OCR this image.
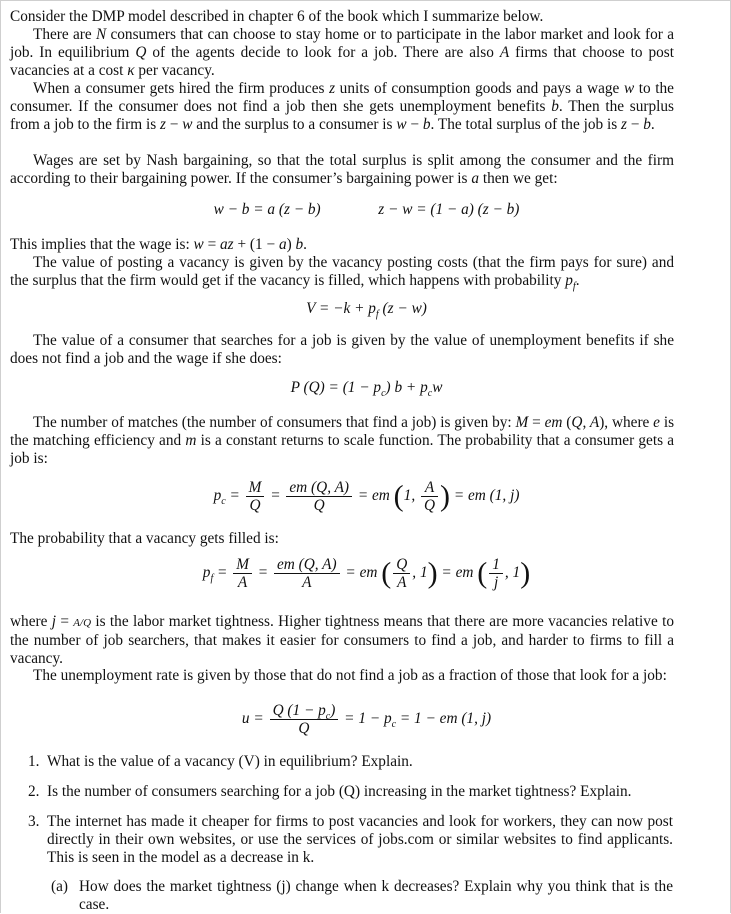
Consider the DMP model described in chapter 6 of the book which I summarize below.
There are N consumers that can choose to stay home or to participate in the labor market and look for a job. In equilibrium Q of the agents decide to look for a job. There are also A firms that choose to post vacancies at a cost κ per vacancy.
When a consumer gets hired the firm produces z units of consumption goods and pays a wage w to the consumer. If the consumer does not find a job then she gets unemployment benefits b. Then the surplus from a job to the firm is z − w and the surplus to a consumer is w − b. The total surplus of the job is z − b.
Wages are set by Nash bargaining, so that the total surplus is split among the consumer and the firm according to their bargaining power. If the consumer’s bargaining power is a then we get:
w − b = a (z − b)	z − w = (1 − a) (z − b)
This implies that the wage is: w = az + (1 − a) b.
The value of posting a vacancy is given by the vacancy posting costs (that the firm pays for sure) and the surplus that the firm would get if the vacancy is filled, which happens with probability $p_f$.
$V = -k + p_f$ (z − w)
The value of a consumer that searches for a job is given by the value of unemployment benefits if she does not find a job and the wage if she does:
P $(Q) = (1 - p_c)$ $b + p_cw$
The number of matches (the number of consumers that find a job) is given by: M = em (Q, A), where e is the matching efficiency and m is a constant returns to scale function. The probability that a consumer gets a job is:
$p_c = \frac{M}{Q} = \frac{em (Q, A)}{Q}$ = em (1, $\frac{A}{Q}$ ) = em (1, j)
The probability that a vacancy gets filled is:
$p_f = \frac{M}{A} = \frac{em (Q, A)}{A}$ = em ( $\frac{Q}{A}$ , 1) = em ( $\frac{1}{j}$ , 1)
where j = A/Q is the labor market tightness. Higher tightness means that there are more vacancies relative to the number of job searchers, that makes it easier for consumers to find a job, and harder to firms to fill a vacancy.
The unemployment rate is given by those that do not find a job as a fraction of those that look for a job:
$u = \frac{Q (1 - p_c)}{Q} = 1 - p_c = 1$ − em (1, j)
1. What is the value of a vacancy (V) in equilibrium? Explain.
2. Is the number of consumers searching for a job (Q) increasing in the market tightness? Explain.
3. The internet has made it cheaper for firms to post vacancies and look for workers, they can now post directly in their own websites, or use the services of jobs.com or similar websites to find applicants. This is seen in the model as a decrease in k.
(a) How does the market tightness (j) change when k decreases? Explain why you think that is the case.
